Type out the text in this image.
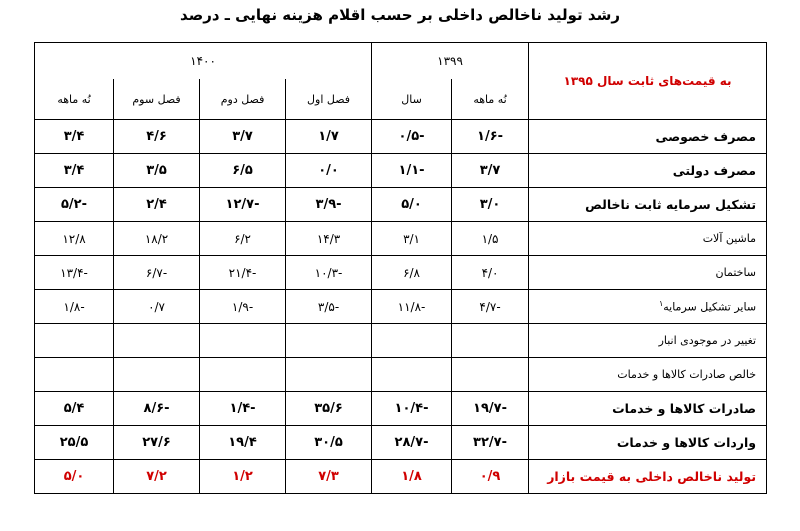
رشد تولید ناخالص داخلی بر حسب اقلام هزینه نهایی ـ درصد
به قیمت‌های ثابت سال ۱۳۹۵	۱۳۹۹		۱۴۰۰			
	نُه ماهه	سال	فصل اول	فصل دوم	فصل سوم	نُه ماهه
مصرف خصوصی	-۱/۶	-۰/۵	۱/۷	۳/۷	۴/۶	۳/۴
مصرف دولتی	۳/۷	-۱/۱	۰/۰	۶/۵	۳/۵	۳/۴
تشکیل سرمایه ثابت ناخالص	۳/۰	۵/۰	-۳/۹	-۱۲/۷	۲/۴	-۵/۲
ماشین آلات	۱/۵	۳/۱	۱۴/۳	۶/۲	۱۸/۲	۱۲/۸
ساختمان	۴/۰	۶/۸	-۱۰/۳	-۲۱/۴	-۶/۷	-۱۳/۴
سایر تشکیل سرمایه$^۱$	-۴/۷	-۱۱/۸	-۳/۵	-۱/۹	۰/۷	-۱/۸
تغییر در موجودی انبار						
خالص صادرات کالاها و خدمات						
صادرات کالاها و خدمات	-۱۹/۷	-۱۰/۴	۳۵/۶	-۱/۴	-۸/۶	۵/۴
واردات کالاها و خدمات	-۳۲/۷	-۲۸/۷	۳۰/۵	۱۹/۴	۲۷/۶	۲۵/۵
تولید ناخالص داخلی به قیمت بازار	۰/۹	۱/۸	۷/۳	۱/۲	۷/۲	۵/۰
